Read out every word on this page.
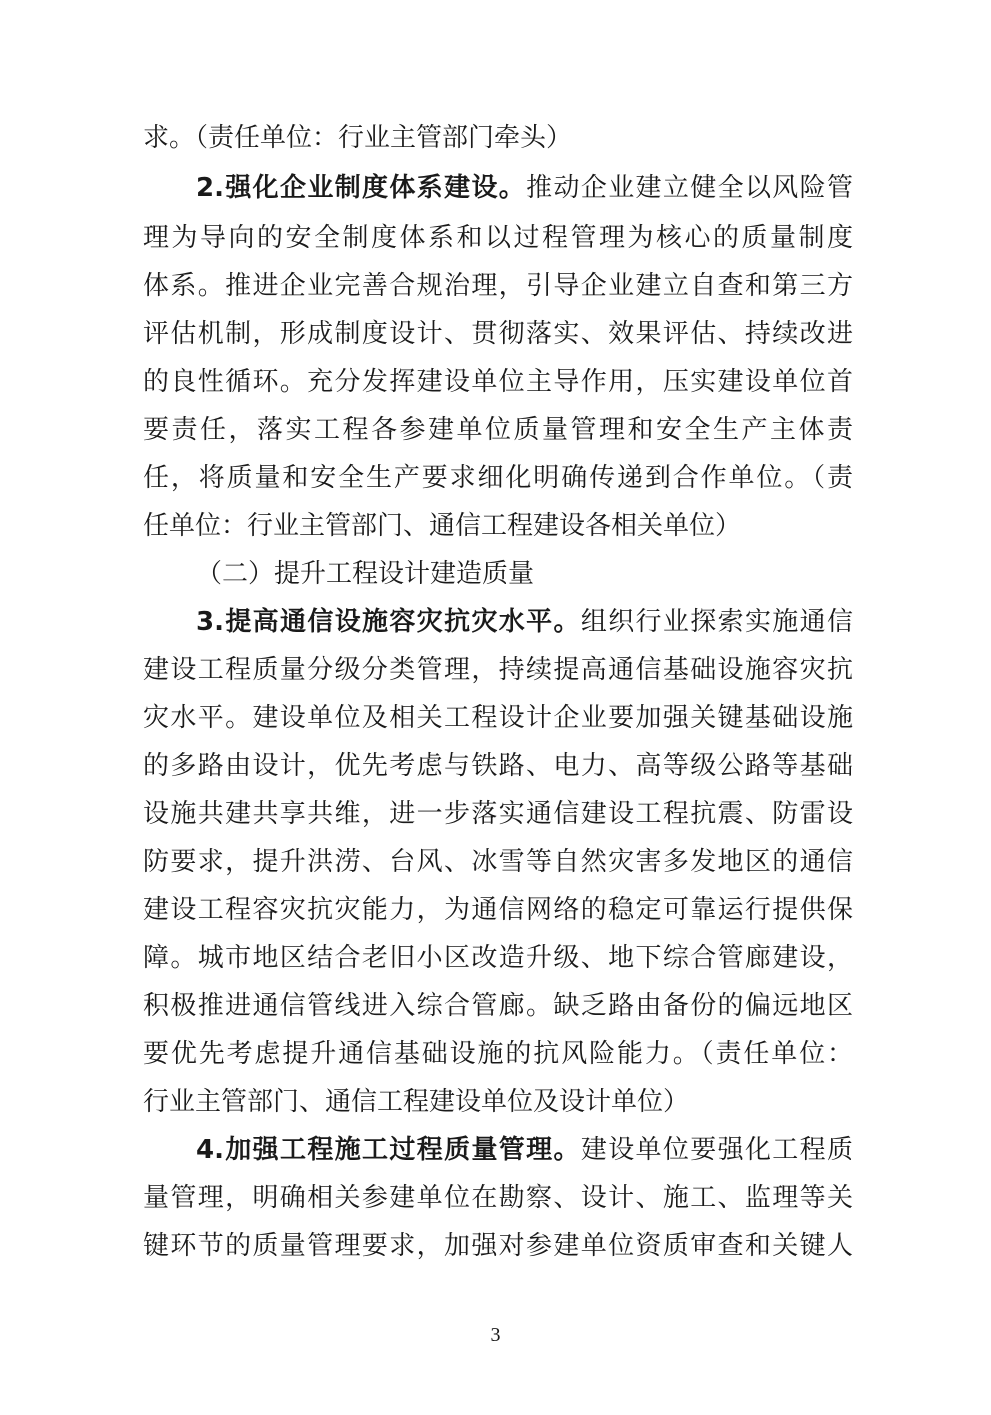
求。（责任单位：行业主管部门牵头）
2.强化企业制度体系建设。推动企业建立健全以风险管
理为导向的安全制度体系和以过程管理为核心的质量制度
体系。推进企业完善合规治理，引导企业建立自查和第三方
评估机制，形成制度设计、贯彻落实、效果评估、持续改进
的良性循环。充分发挥建设单位主导作用，压实建设单位首
要责任，落实工程各参建单位质量管理和安全生产主体责
任，将质量和安全生产要求细化明确传递到合作单位。（责
任单位：行业主管部门、通信工程建设各相关单位）
（二）提升工程设计建造质量
3.提高通信设施容灾抗灾水平。组织行业探索实施通信
建设工程质量分级分类管理，持续提高通信基础设施容灾抗
灾水平。建设单位及相关工程设计企业要加强关键基础设施
的多路由设计，优先考虑与铁路、电力、高等级公路等基础
设施共建共享共维，进一步落实通信建设工程抗震、防雷设
防要求，提升洪涝、台风、冰雪等自然灾害多发地区的通信
建设工程容灾抗灾能力，为通信网络的稳定可靠运行提供保
障。城市地区结合老旧小区改造升级、地下综合管廊建设，
积极推进通信管线进入综合管廊。缺乏路由备份的偏远地区
要优先考虑提升通信基础设施的抗风险能力。（责任单位：
行业主管部门、通信工程建设单位及设计单位）
4.加强工程施工过程质量管理。建设单位要强化工程质
量管理，明确相关参建单位在勘察、设计、施工、监理等关
键环节的质量管理要求，加强对参建单位资质审查和关键人
3
